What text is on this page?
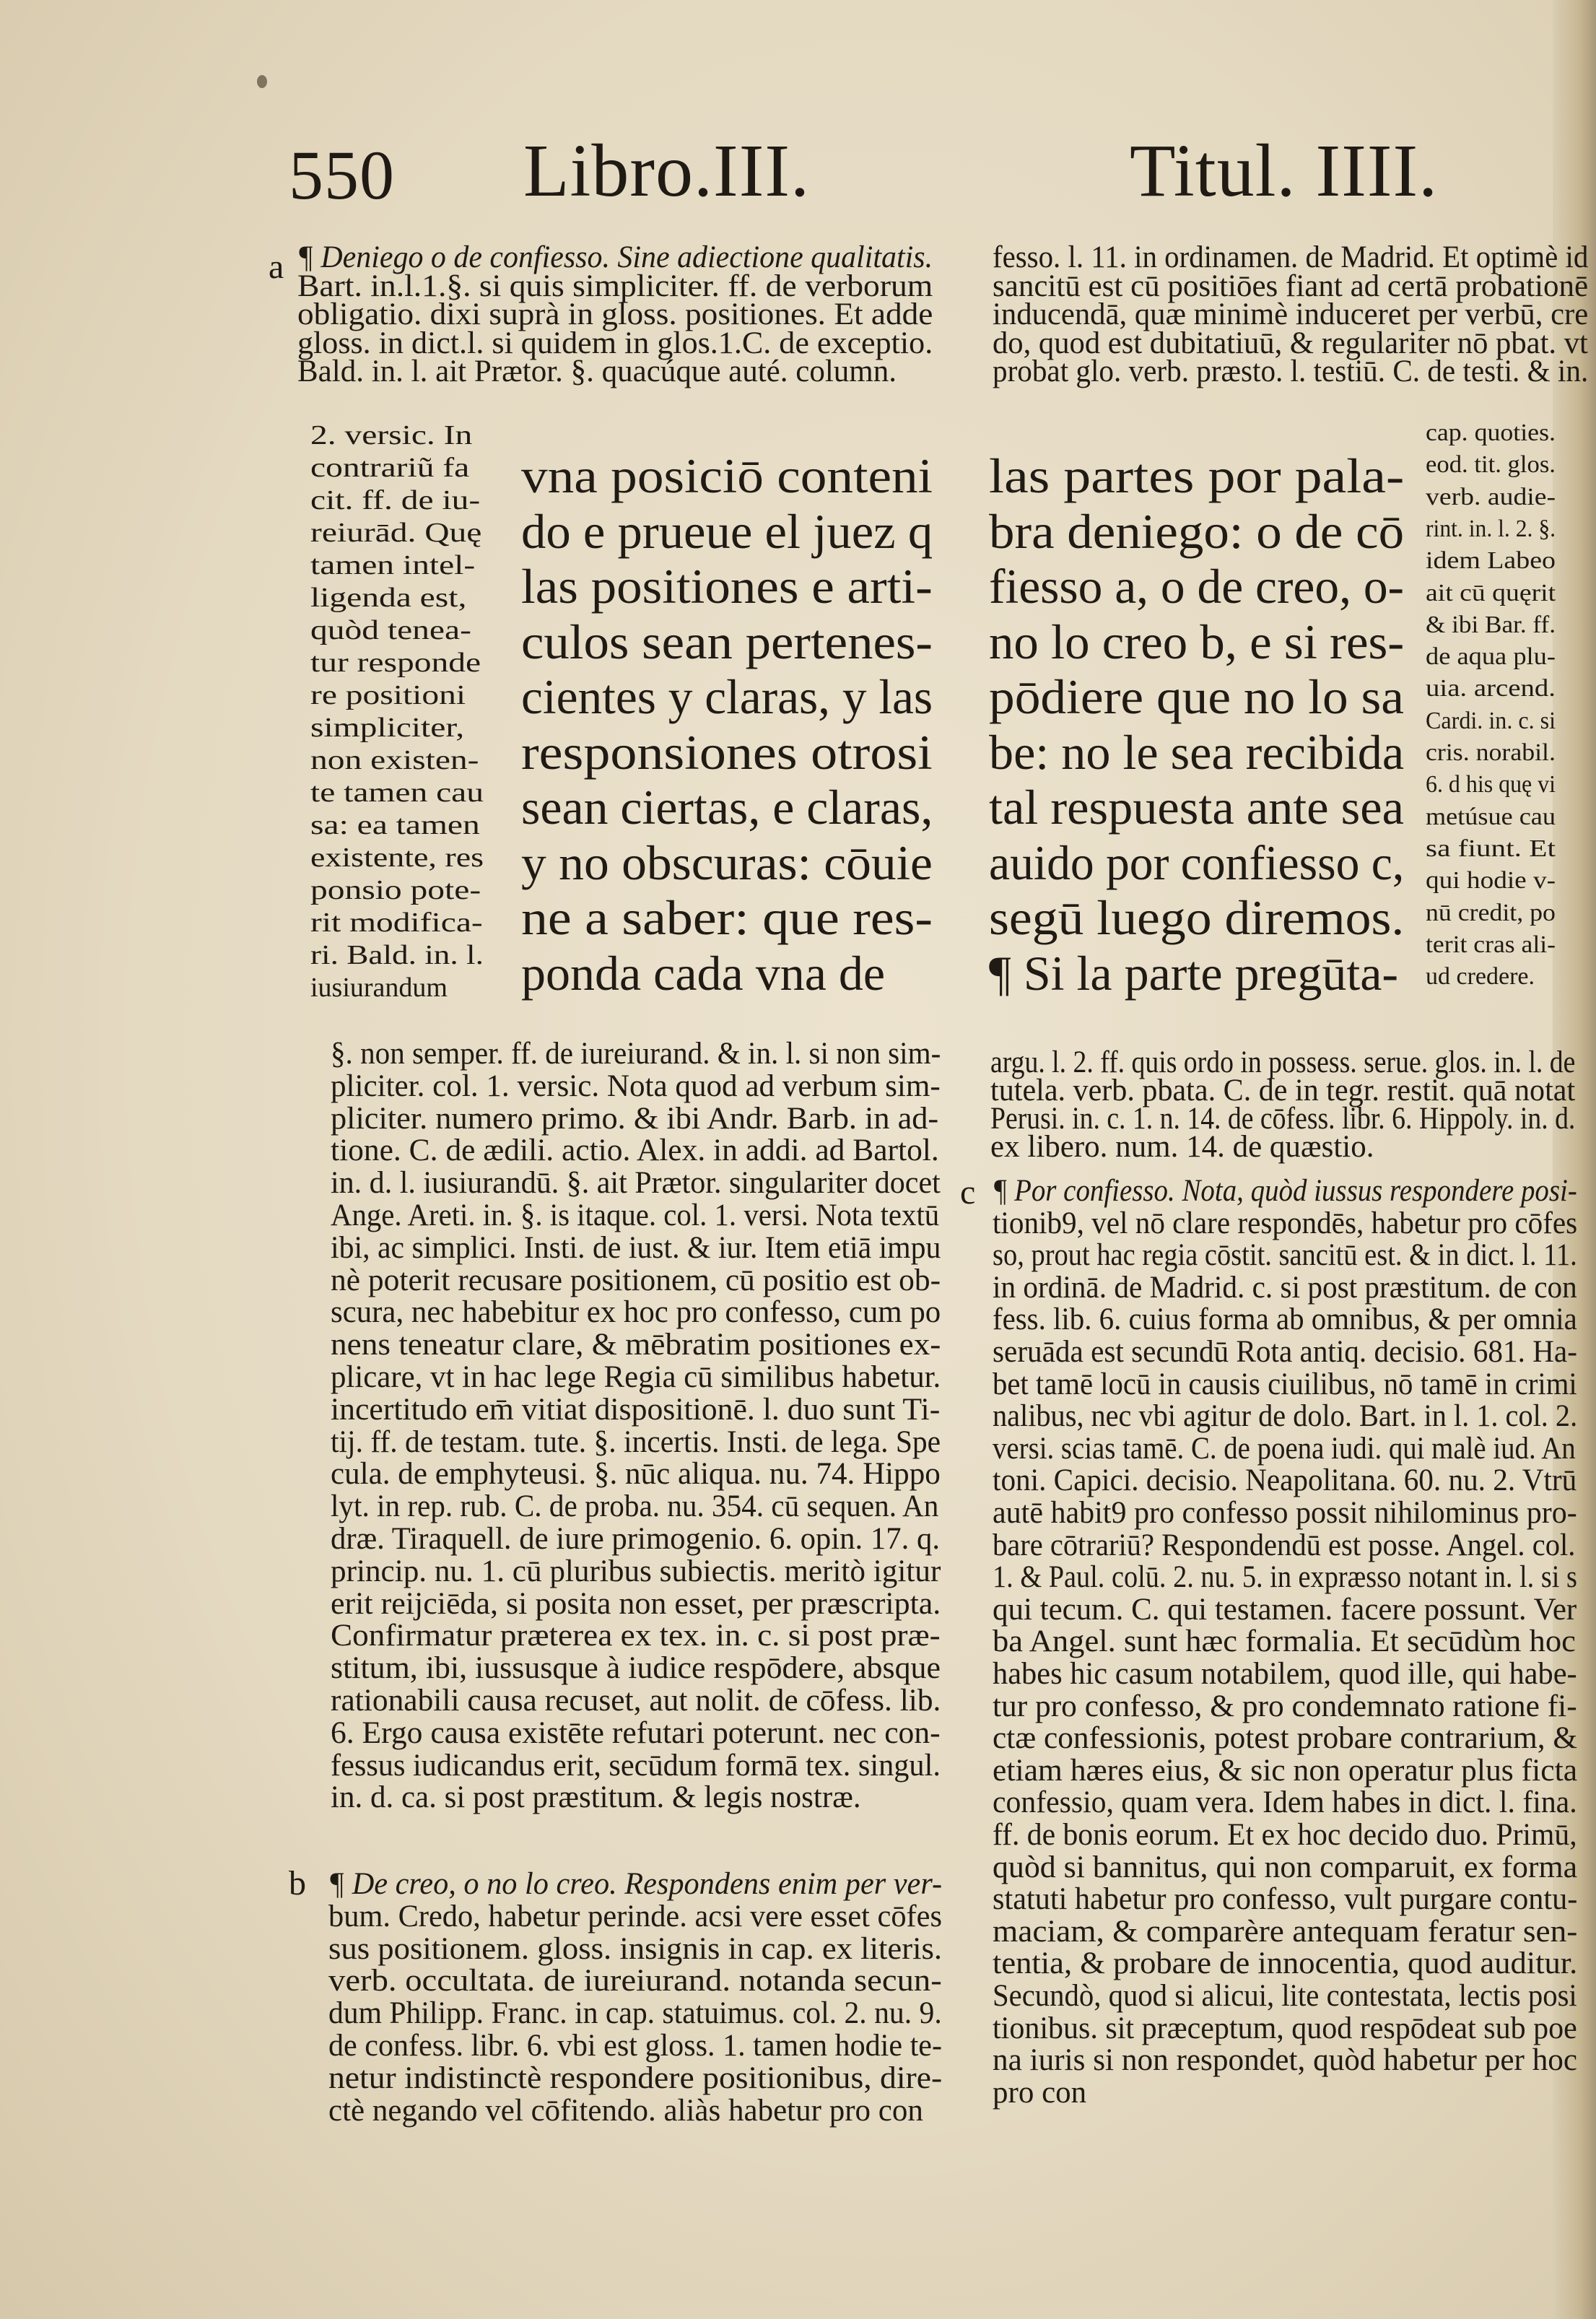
550 Libro.III.	Titul. IIII.
a
b
c
¶ Deniego o de confiesso. Sine adiectione qualitatis.
Bart. in.l.1.§. si quis simpliciter. ff. de verborum
obligatio. dixi suprà in gloss. positiones. Et adde
gloss. in dict.l. si quidem in glos.1.C. de exceptio.
Bald. in. l. ait Prætor. §. quacúque auté. column.
2. versic. In
contrariũ fa
cit. ff. de iu-
reiurād. Quę
tamen intel-
ligenda est,
quòd tenea-
tur responde
re positioni
simpliciter,
non existen-
te tamen cau
sa: ea tamen
existente, res
ponsio pote-
rit modifica-
ri. Bald. in. l.
iusiurandum
vna posiciō conteni
do e prueue el juez q
las positiones e arti-
culos sean pertenes-
cientes y claras, y las
responsiones otrosi
sean ciertas, e claras,
y no obscuras: cōuie
ne a saber: que res-
ponda cada vna de
§. non semper. ff. de iureiurand. & in. l. si non sim-
pliciter. col. 1. versic. Nota quod ad verbum sim-
pliciter. numero primo. & ibi Andr. Barb. in ad-
tione. C. de ædili. actio. Alex. in addi. ad Bartol.
in. d. l. iusiurandū. §. ait Prætor. singulariter docet
Ange. Areti. in. §. is itaque. col. 1. versi. Nota textū
ibi, ac simplici. Insti. de iust. & iur. Item etiā impu
nè poterit recusare positionem, cū positio est ob-
scura, nec habebitur ex hoc pro confesso, cum po
nens teneatur clare, & mēbratim positiones ex-
plicare, vt in hac lege Regia cū similibus habetur.
incertitudo em̄ vitiat dispositionē. l. duo sunt Ti-
tij. ff. de testam. tute. §. incertis. Insti. de lega. Spe
cula. de emphyteusi. §. nūc aliqua. nu. 74. Hippo
lyt. in rep. rub. C. de proba. nu. 354. cū sequen. An
dræ. Tiraquell. de iure primogenio. 6. opin. 17. q.
princip. nu. 1. cū pluribus subiectis. meritò igitur
erit reijciēda, si posita non esset, per præscripta.
Confirmatur præterea ex tex. in. c. si post præ-
stitum, ibi, iussusque à iudice respōdere, absque
rationabili causa recuset, aut nolit. de cōfess. lib.
6. Ergo causa existēte refutari poterunt. nec con-
fessus iudicandus erit, secūdum formā tex. singul.
in. d. ca. si post præstitum. & legis nostræ.
¶ De creo, o no lo creo. Respondens enim per ver-
bum. Credo, habetur perinde. acsi vere esset cōfes
sus positionem. gloss. insignis in cap. ex literis.
verb. occultata. de iureiurand. notanda secun-
dum Philipp. Franc. in cap. statuimus. col. 2. nu. 9.
de confess. libr. 6. vbi est gloss. 1. tamen hodie te-
netur indistinctè respondere positionibus, dire-
ctè negando vel cōfitendo. aliàs habetur pro con
fesso. l. 11. in ordinamen. de Madrid. Et optimè id
sancitū est cū positiōes fiant ad certā probationē
inducendā, quæ minimè induceret per verbū, cre
do, quod est dubitatiuū, & regulariter nō pbat. vt
probat glo. verb. præsto. l. testiū. C. de testi. & in.
las partes por pala-
bra deniego: o de cō
fiesso a, o de creo, o-
no lo creo b, e si res-
pōdiere que no lo sa
be: no le sea recibida
tal respuesta ante sea
auido por confiesso c,
segū luego diremos.
¶ Si la parte pregūta-
cap. quoties.
eod. tit. glos.
verb. audie-
rint. in. l. 2. §.
idem Labeo
ait cū quęrit
& ibi Bar. ff.
de aqua plu-
uia. arcend.
Cardi. in. c. si
cris. norabil.
6. d his quę vi
metúsue cau
sa fiunt. Et
qui hodie v-
nū credit, po
terit cras ali-
ud credere.
argu. l. 2. ff. quis ordo in possess. serue. glos. in. l. de
tutela. verb. pbata. C. de in tegr. restit. quā notat
Perusi. in. c. 1. n. 14. de cōfess. libr. 6. Hippoly. in. d.
ex libero. num. 14. de quæstio.
¶ Por confiesso. Nota, quòd iussus respondere posi-
tionib9, vel nō clare respondēs, habetur pro cōfes
so, prout hac regia cōstit. sancitū est. & in dict. l. 11.
in ordinā. de Madrid. c. si post præstitum. de con
fess. lib. 6. cuius forma ab omnibus, & per omnia
seruāda est secundū Rota antiq. decisio. 681. Ha-
bet tamē locū in causis ciuilibus, nō tamē in crimi
nalibus, nec vbi agitur de dolo. Bart. in l. 1. col. 2.
versi. scias tamē. C. de poena iudi. qui malè iud. An
toni. Capici. decisio. Neapolitana. 60. nu. 2. Vtrū
autē habit9 pro confesso possit nihilominus pro-
bare cōtrariū? Respondendū est posse. Angel. col.
1. & Paul. colū. 2. nu. 5. in expræsso notant in. l. si s
qui tecum. C. qui testamen. facere possunt. Ver
ba Angel. sunt hæc formalia. Et secūdùm hoc
habes hic casum notabilem, quod ille, qui habe-
tur pro confesso, & pro condemnato ratione fi-
ctæ confessionis, potest probare contrarium, &
etiam hæres eius, & sic non operatur plus ficta
confessio, quam vera. Idem habes in dict. l. fina.
ff. de bonis eorum. Et ex hoc decido duo. Primū,
quòd si bannitus, qui non comparuit, ex forma
statuti habetur pro confesso, vult purgare contu-
maciam, & comparère antequam feratur sen-
tentia, & probare de innocentia, quod auditur.
Secundò, quod si alicui, lite contestata, lectis posi
tionibus. sit præceptum, quod respōdeat sub poe
na iuris si non respondet, quòd habetur per hoc
pro con
